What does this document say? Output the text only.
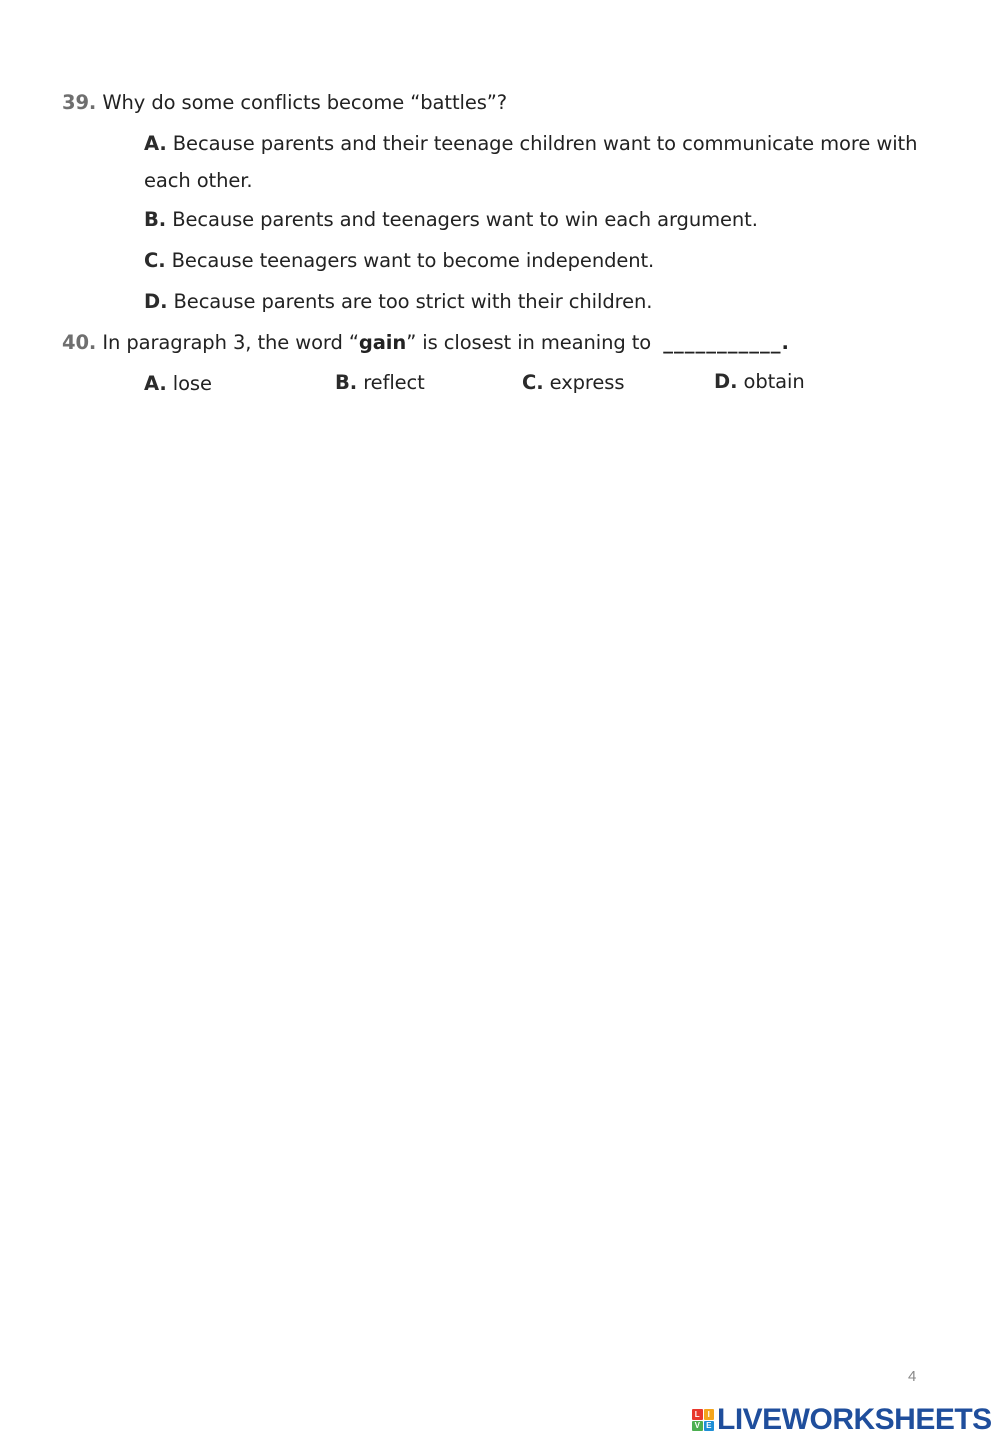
39. Why do some conflicts become “battles”?
A. Because parents and their teenage children want to communicate more with
each other.
B. Because parents and teenagers want to win each argument.
C. Because teenagers want to become independent.
D. Because parents are too strict with their children.
40. In paragraph 3, the word “gain” is closest in meaning to ___________.
A. lose	B. reflect	C. express	D. obtain
4
L I
V E LIVEWORKSHEETS
